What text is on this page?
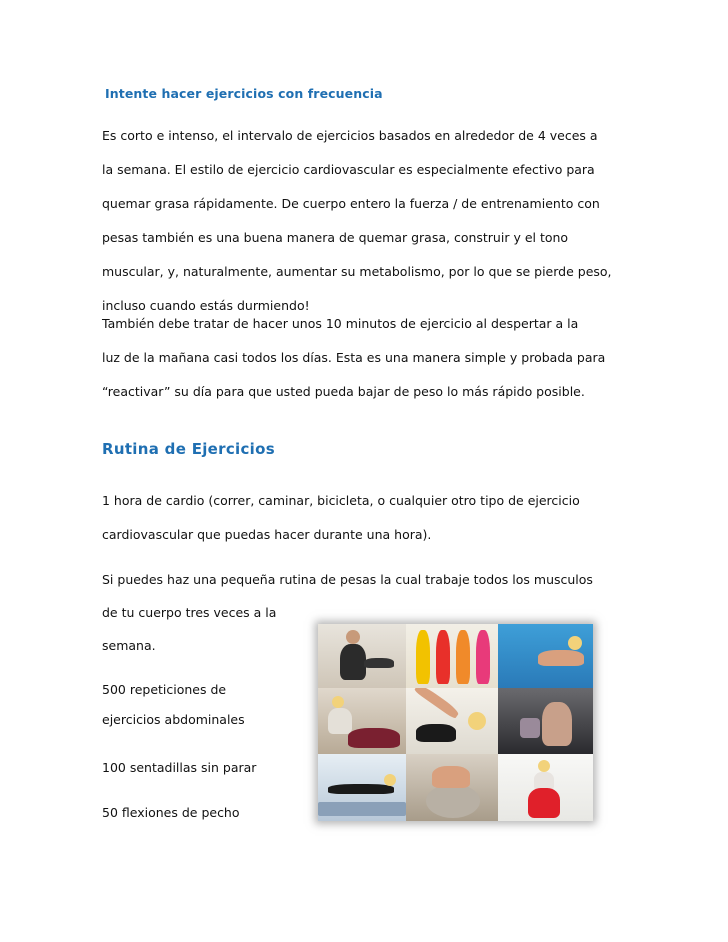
Intente hacer ejercicios con frecuencia

Es corto e intenso, el intervalo de ejercicios basados en alrededor de 4 veces a

la semana. El estilo de ejercicio cardiovascular es especialmente efectivo para

quemar grasa rápidamente. De cuerpo entero la fuerza / de entrenamiento con

pesas también es una buena manera de quemar grasa, construir y el tono

muscular, y, naturalmente, aumentar su metabolismo, por lo que se pierde peso,

incluso cuando estás durmiendo!

También debe tratar de hacer unos 10 minutos de ejercicio al despertar a la

luz de la mañana casi todos los días. Esta es una manera simple y probada para

“reactivar” su día para que usted pueda bajar de peso lo más rápido posible.

Rutina de Ejercicios
1 hora de cardio (correr, caminar, bicicleta, o cualquier otro tipo de ejercicio
cardiovascular que puedas hacer durante una hora).
Si puedes haz una pequeña rutina de pesas la cual trabaje todos los musculos
de tu cuerpo tres veces a la
semana.
500 repeticiones de
ejercicios abdominales
100 sentadillas sin parar
50 flexiones de pecho
